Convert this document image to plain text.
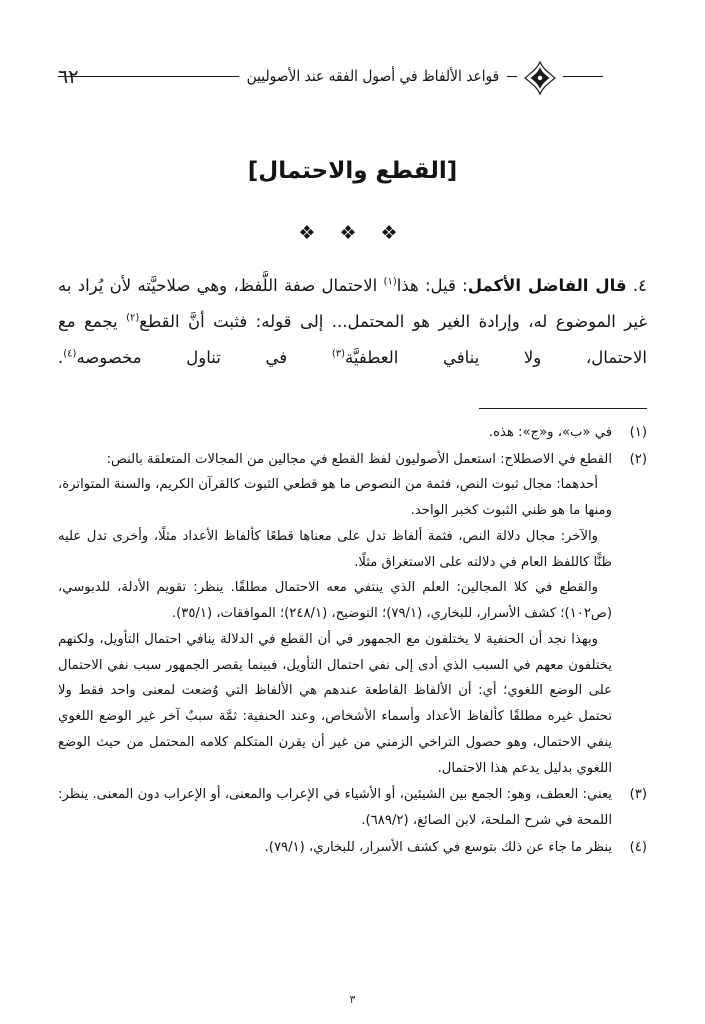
٦٢	قواعد الألفاظ في أصول الفقه عند الأصوليين
[القطع والاحتمال]
❖ ❖ ❖
٤. قال الفاضل الأكمل: قيل: هذا$^{(١)}$ الاحتمال صفة اللَّفظ، وهي صلاحيَّته لأن يُراد به غير الموضوع له، وإرادة الغير هو المحتمل... إلى قوله: فثبت أنَّ القطع$^{(٢)}$ يجمع مع الاحتمال، ولا ينافي العطفيَّة$^{(٣)}$ في تناول مخصوصه$^{(٤)}$.
(١)

في «ب»، و«ج»: هذه.

(٢)

القطع في الاصطلاح: استعمل الأصوليون لفظ القطع في مجالين من المجالات المتعلقة بالنص:

أحدهما: مجال ثبوت النص، فثمة من النصوص ما هو قطعي الثبوت كالقرآن الكريم، والسنة المتواترة، ومنها ما هو ظني الثبوت كخبر الواحد.

والآخر: مجال دلالة النص، فثمة ألفاظ تدل على معناها قطعًا كألفاظ الأعداد مثلًا، وأخرى تدل عليه ظنًّا كاللفظ العام في دلالته على الاستغراق مثلًا.

والقطع في كلا المجالين: العلم الذي ينتفي معه الاحتمال مطلقًا. ينظر: تقويم الأدلة، للدبوسي، (ص١٠٢)؛ كشف الأسرار، للبخاري، (٧٩/١)؛ التوضيح، (٢٤٨/١)؛ الموافقات، (٣٥/١).

وبهذا نجد أن الحنفية لا يختلفون مع الجمهور في أن القطع في الدلالة ينافي احتمال التأويل، ولكنهم يختلفون معهم في السبب الذي أدى إلى نفي احتمال التأويل، فبينما يقصر الجمهور سبب نفي الاحتمال على الوضع اللغوي؛ أي: أن الألفاظ القاطعة عندهم هي الألفاظ التي وُضعت لمعنى واحد فقط ولا تحتمل غيره مطلقًا كألفاظ الأعداد وأسماء الأشخاص، وعند الحنفية: ثمَّة سببٌ آخر غير الوضع اللغوي ينفي الاحتمال، وهو حصول التراخي الزمني من غير أن يقرن المتكلم كلامه المحتمل من حيث الوضع اللغوي بدليل يدعم هذا الاحتمال.

(٣)

يعني: العطف، وهو: الجمع بين الشيئين، أو الأشياء في الإعراب والمعنى، أو الإعراب دون المعنى. ينظر: اللمحة في شرح الملحة، لابن الصائغ، (٦٨٩/٢).

(٤)

ينظر ما جاء عن ذلك بتوسع في كشف الأسرار، للبخاري، (٧٩/١).

٣
